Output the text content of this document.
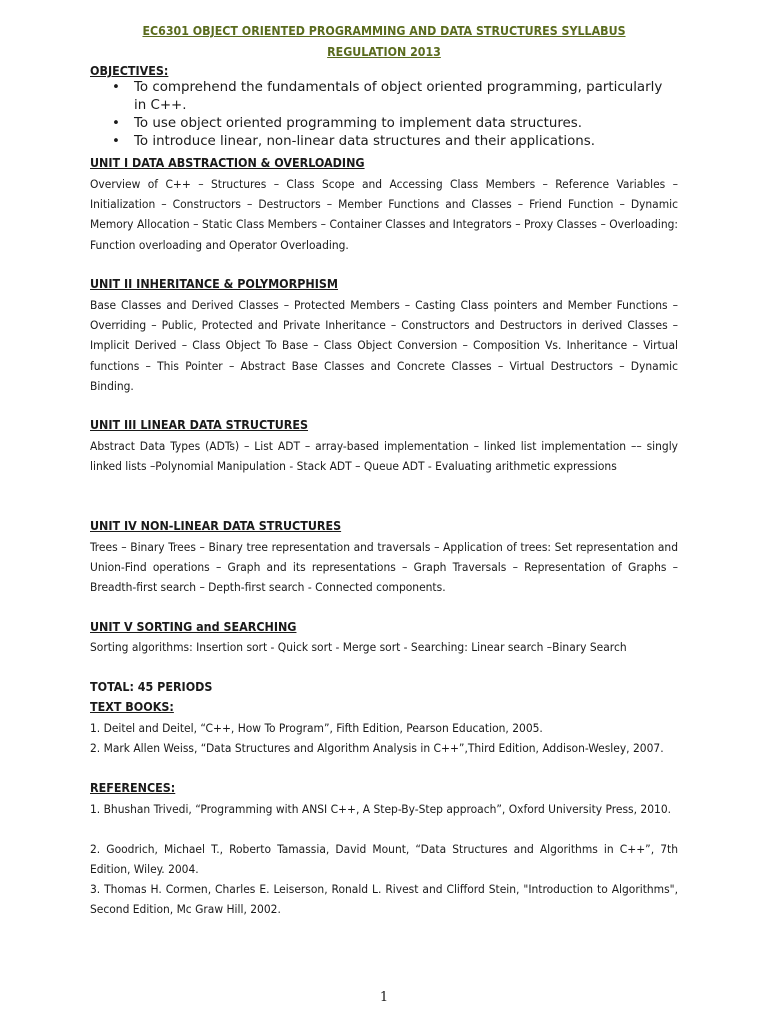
EC6301 OBJECT ORIENTED PROGRAMMING AND DATA STRUCTURES SYLLABUS
REGULATION 2013
OBJECTIVES:
• To comprehend the fundamentals of object oriented programming, particularly in C++.
• To use object oriented programming to implement data structures.
• To introduce linear, non-linear data structures and their applications.
UNIT I DATA ABSTRACTION & OVERLOADING
Overview of C++ – Structures – Class Scope and Accessing Class Members – Reference Variables – Initialization – Constructors – Destructors – Member Functions and Classes – Friend Function – Dynamic Memory Allocation – Static Class Members – Container Classes and Integrators – Proxy Classes – Overloading: Function overloading and Operator Overloading.
UNIT II INHERITANCE & POLYMORPHISM
Base Classes and Derived Classes – Protected Members – Casting Class pointers and Member Functions – Overriding – Public, Protected and Private Inheritance – Constructors and Destructors in derived Classes – Implicit Derived – Class Object To Base – Class Object Conversion – Composition Vs. Inheritance – Virtual functions – This Pointer – Abstract Base Classes and Concrete Classes – Virtual Destructors – Dynamic Binding.
UNIT III LINEAR DATA STRUCTURES
Abstract Data Types (ADTs) – List ADT – array-based implementation – linked list implementation –– singly linked lists –Polynomial Manipulation - Stack ADT – Queue ADT - Evaluating arithmetic expressions
UNIT IV NON-LINEAR DATA STRUCTURES
Trees – Binary Trees – Binary tree representation and traversals – Application of trees: Set representation and Union-Find operations – Graph and its representations – Graph Traversals – Representation of Graphs – Breadth-first search – Depth-first search - Connected components.
UNIT V SORTING and SEARCHING
Sorting algorithms: Insertion sort - Quick sort - Merge sort - Searching: Linear search –Binary Search
TOTAL: 45 PERIODS
TEXT BOOKS:
1. Deitel and Deitel, “C++, How To Program”, Fifth Edition, Pearson Education, 2005.
2. Mark Allen Weiss, “Data Structures and Algorithm Analysis in C++”,Third Edition, Addison-Wesley, 2007.
REFERENCES:
1. Bhushan Trivedi, “Programming with ANSI C++, A Step-By-Step approach”, Oxford University Press, 2010.
2. Goodrich, Michael T., Roberto Tamassia, David Mount, “Data Structures and Algorithms in C++”, 7th Edition, Wiley. 2004.
3. Thomas H. Cormen, Charles E. Leiserson, Ronald L. Rivest and Clifford Stein, "Introduction to Algorithms", Second Edition, Mc Graw Hill, 2002.
1
